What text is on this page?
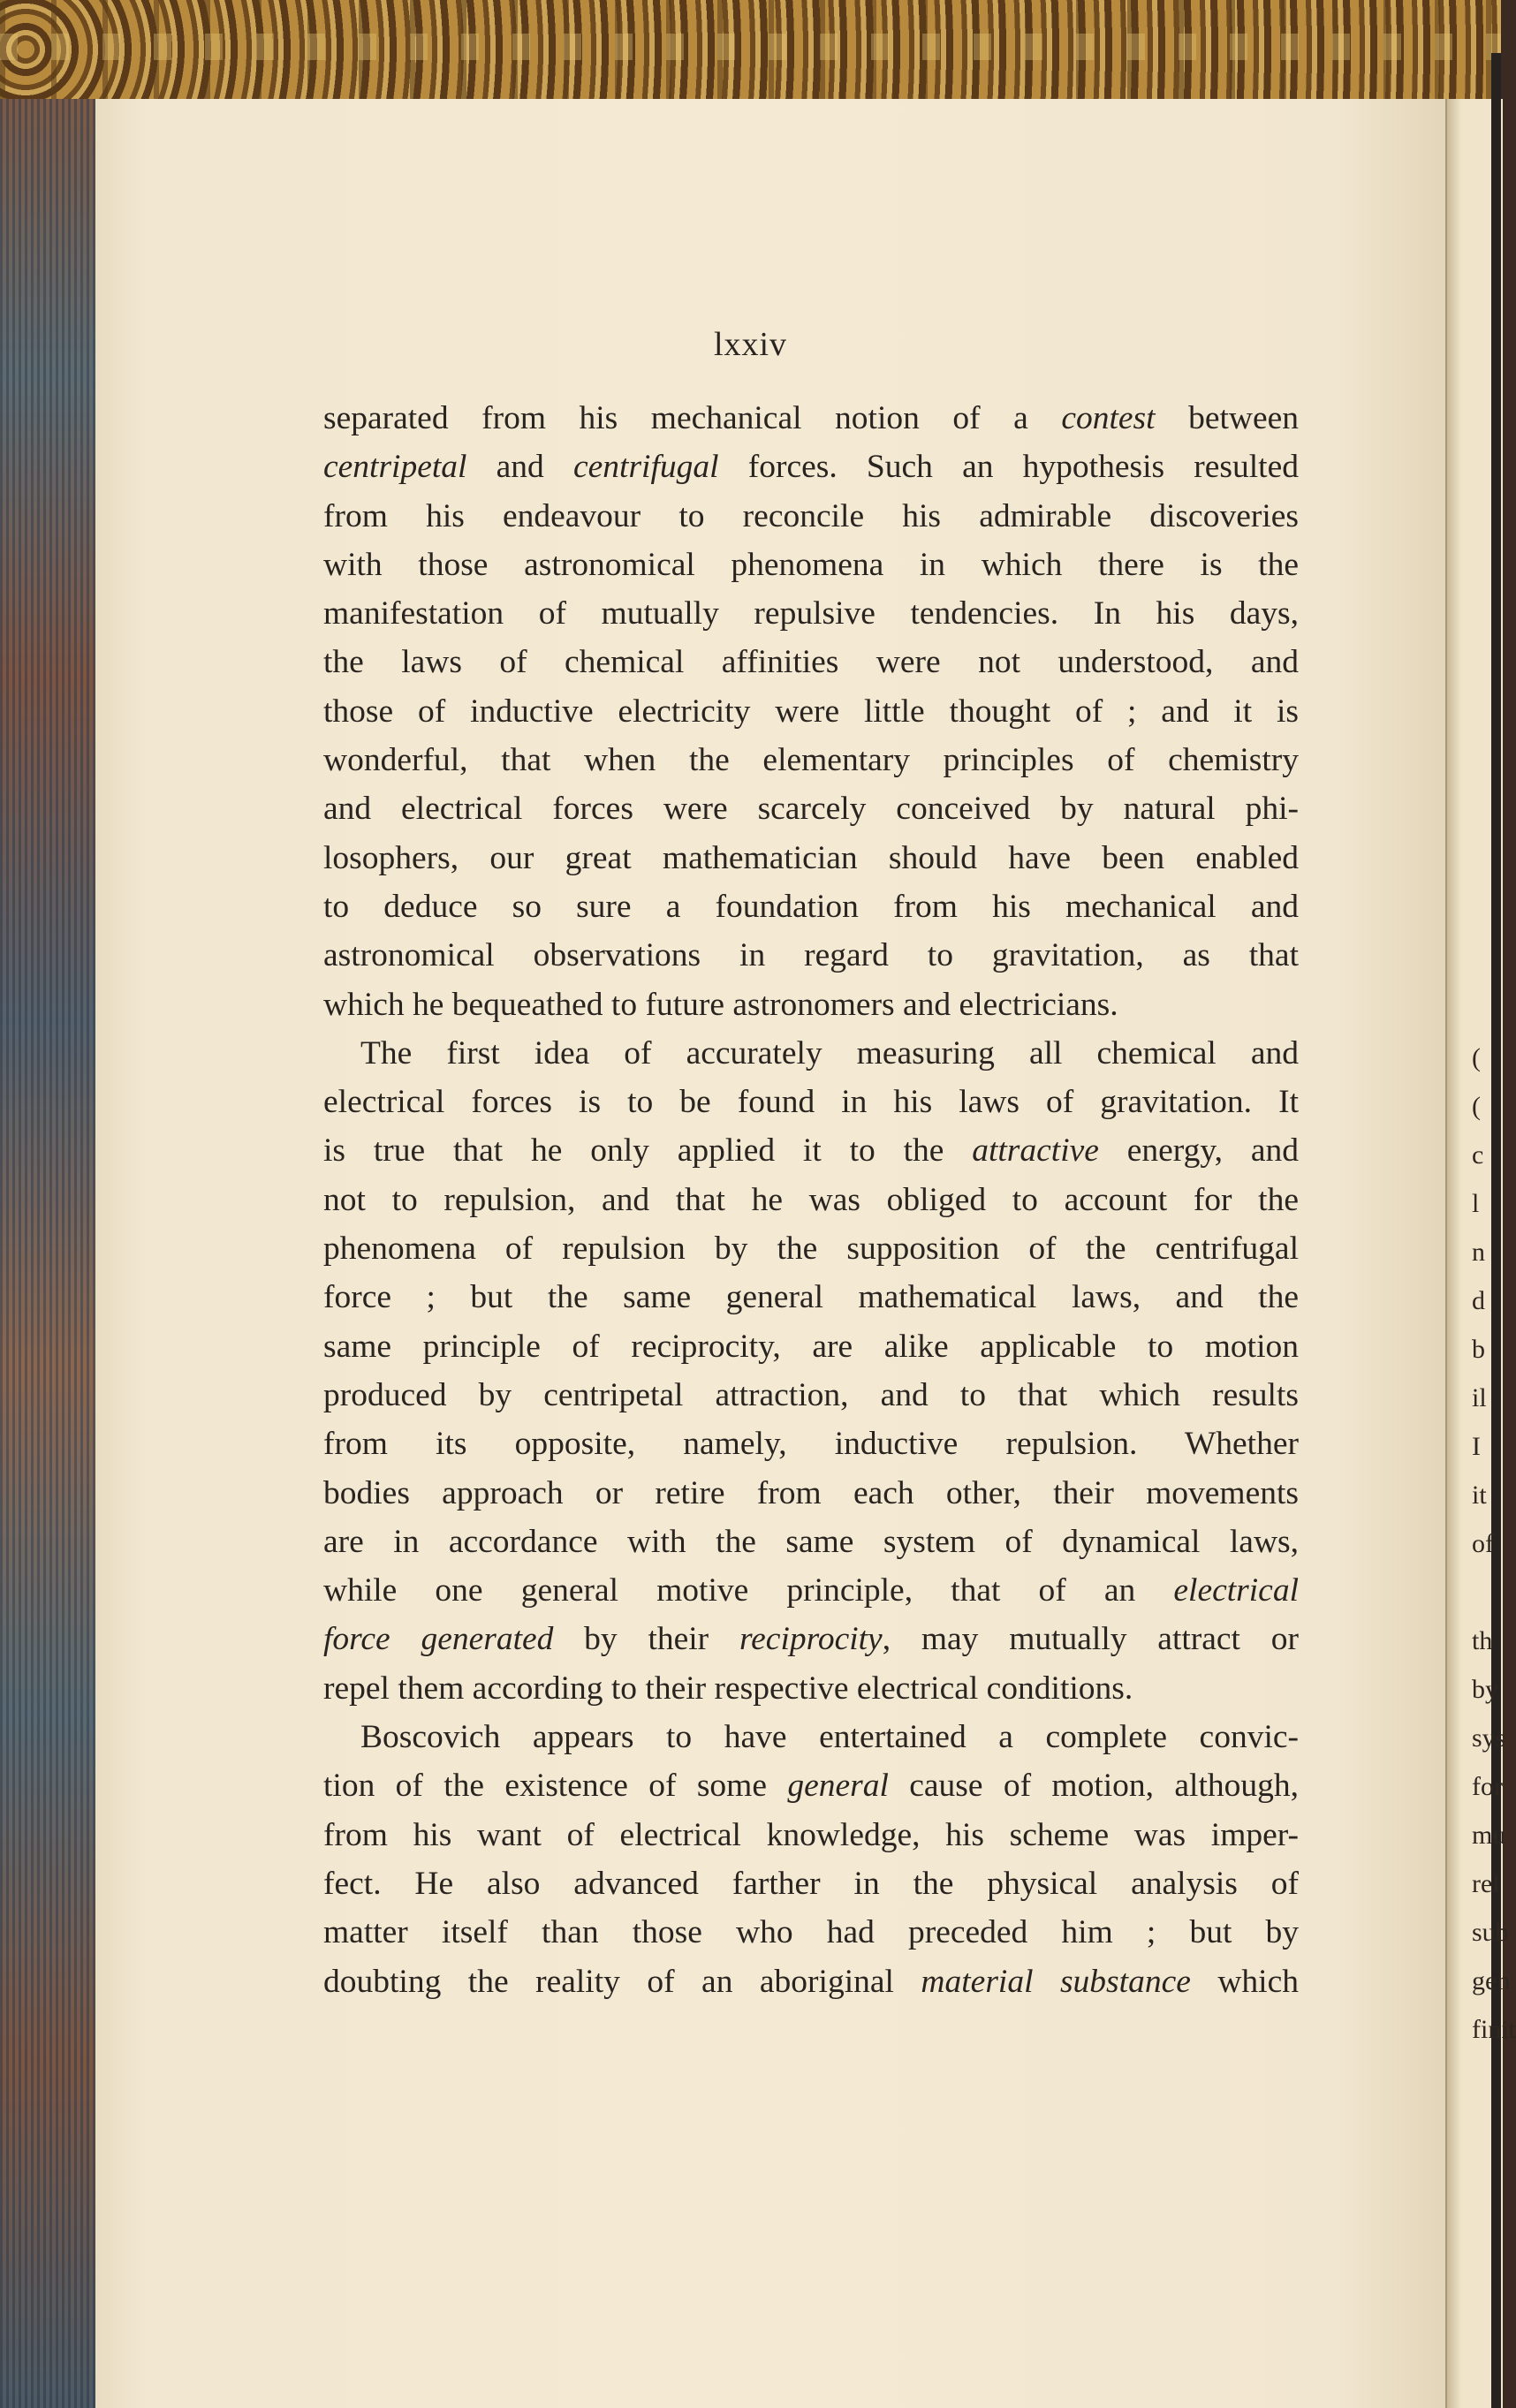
lxxiv
separated from his mechanical notion of a contest between
centripetal and centrifugal forces. Such an hypothesis resulted
from his endeavour to reconcile his admirable discoveries
with those astronomical phenomena in which there is the
manifestation of mutually repulsive tendencies. In his days,
the laws of chemical affinities were not understood, and
those of inductive electricity were little thought of ; and it is
wonderful, that when the elementary principles of chemistry
and electrical forces were scarcely conceived by natural phi-
losophers, our great mathematician should have been enabled
to deduce so sure a foundation from his mechanical and
astronomical observations in regard to gravitation, as that
which he bequeathed to future astronomers and electricians.
The first idea of accurately measuring all chemical and
electrical forces is to be found in his laws of gravitation. It
is true that he only applied it to the attractive energy, and
not to repulsion, and that he was obliged to account for the
phenomena of repulsion by the supposition of the centrifugal
force ; but the same general mathematical laws, and the
same principle of reciprocity, are alike applicable to motion
produced by centripetal attraction, and to that which results
from its opposite, namely, inductive repulsion. Whether
bodies approach or retire from each other, their movements
are in accordance with the same system of dynamical laws,
while one general motive principle, that of an electrical
force generated by their reciprocity, may mutually attract or
repel them according to their respective electrical conditions.
Boscovich appears to have entertained a complete convic-
tion of the existence of some general cause of motion, although,
from his want of electrical knowledge, his scheme was imper-
fect. He also advanced farther in the physical analysis of
matter itself than those who had preceded him ; but by
doubting the reality of an aboriginal material substance which
(
(
c
l
n
d
b
il
I
it
of
th
by
sys
for
mu
rel
sub
gen
finit
